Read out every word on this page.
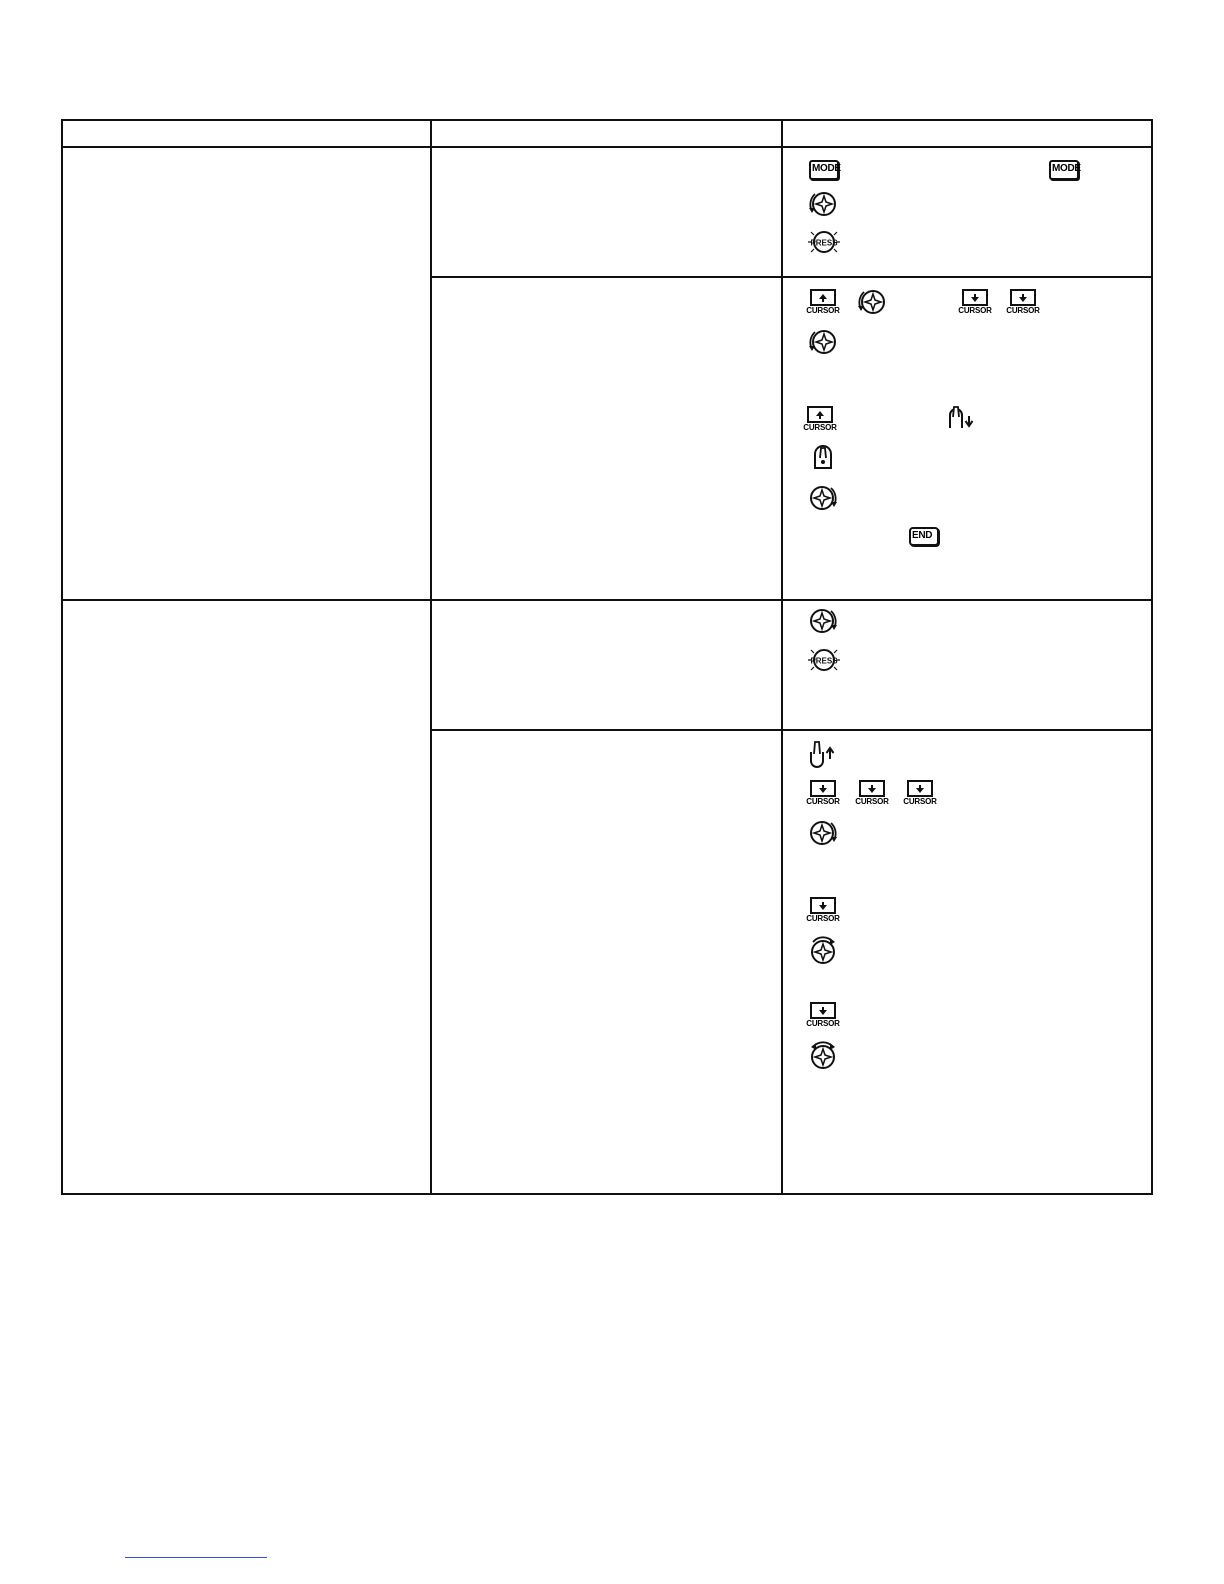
MODE	MODE
PRESS
CURSOR	CURSOR CURSOR
CURSOR
END
PRESS
CURSOR CURSOR CURSOR
CURSOR
CURSOR
